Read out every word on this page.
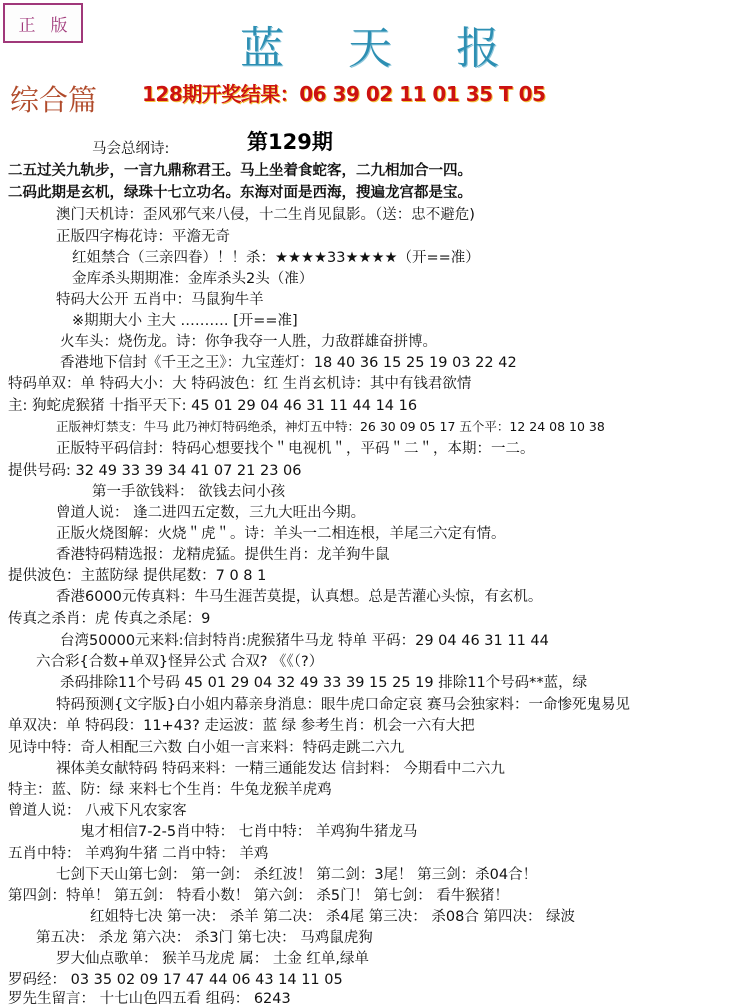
正 版	蓝 天 报
综合篇 128期开奖结果：06 39 02 11 01 35 T 05
第129期
马会总纲诗:
二五过关九轨步，一言九鼎称君王。马上坐着食蛇客，二九相加合一四。
二码此期是玄机，绿珠十七立功名。东海对面是西海，搜遍龙宫都是宝。
澳门天机诗：歪风邪气来八侵，十二生肖见鼠影。（送：忠不避危)
正版四字梅花诗：平澹无奇
红姐禁合（三亲四眷）！！杀：★★★★33★★★★（开==准）
金库杀头期期准：金库杀头2头（准）
特码大公开 五肖中：马鼠狗牛羊
※期期大小 主大 ………. [开==准]
火车头：烧伤龙。诗：你争我夺一人胜，力敌群雄奋拼博。
香港地下信封《千王之王》：九宝莲灯：18 40 36 15 25 19 03 22 42
特码单双：单 特码大小：大 特码波色：红 生肖玄机诗：其中有钱君欲情
主: 狗蛇虎猴猪 十指平天下: 45 01 29 04 46 31 11 44 14 16
正版神灯禁支：牛马 此乃神灯特码绝杀，神灯五中特：26 30 09 05 17 五个平：12 24 08 10 38
正版特平码信封：特码心想要找个＂电视机＂，平码＂二＂，本期：一二。
提供号码: 32 49 33 39 34 41 07 21 23 06
第一手欲钱料： 欲钱去问小孩
曾道人说： 逢二进四五定数，三九大旺出今期。
正版火烧图解：火烧＂虎＂。诗：羊头一二相连根，羊尾三六定有情。
香港特码精选报：龙精虎猛。提供生肖：龙羊狗牛鼠
提供波色：主蓝防绿 提供尾数：7 0 8 1
香港6000元传真料：牛马生涯苦莫提，认真想。总是苦灌心头惊，有玄机。
传真之杀肖：虎 传真之杀尾：9
台湾50000元来料:信封特肖:虎猴猪牛马龙 特单 平码：29 04 46 31 11 44
六合彩{合数+单双}怪异公式 合双? 《《（?）
杀码排除11个号码 45 01 29 04 32 49 33 39 15 25 19 排除11个号码**蓝，绿
特码预测{文字版}白小姐内幕亲身消息：眼牛虎口命定哀 赛马会独家料：一命惨死鬼易见
单双决：单 特码段：11+43? 走运波：蓝 绿 参考生肖：机会一六有大把
见诗中特：奇人相配三六数 白小姐一言来料：特码走跳二六九
裸体美女献特码 特码来料：一精三通能发达 信封料： 今期看中二六九
特主：蓝、防：绿 来料七个生肖：牛兔龙猴羊虎鸡
曾道人说： 八戒下凡农家客
鬼才相信7-2-5肖中特： 七肖中特： 羊鸡狗牛猪龙马
五肖中特： 羊鸡狗牛猪 二肖中特： 羊鸡
七剑下天山第七剑： 第一剑： 杀红波！ 第二剑：3尾！ 第三剑：杀04合！
第四剑：特单！ 第五剑： 特看小数！ 第六剑： 杀5门！ 第七剑： 看牛猴猪！
红姐特七决 第一决： 杀羊 第二决： 杀4尾 第三决： 杀08合 第四决： 绿波
第五决： 杀龙 第六决： 杀3门 第七决： 马鸡鼠虎狗
罗大仙点歌单： 猴羊马龙虎 属： 土金 红单,绿单
罗码经： 03 35 02 09 17 47 44 06 43 14 11 05
罗先生留言： 十七山色四五看 组码： 6243
